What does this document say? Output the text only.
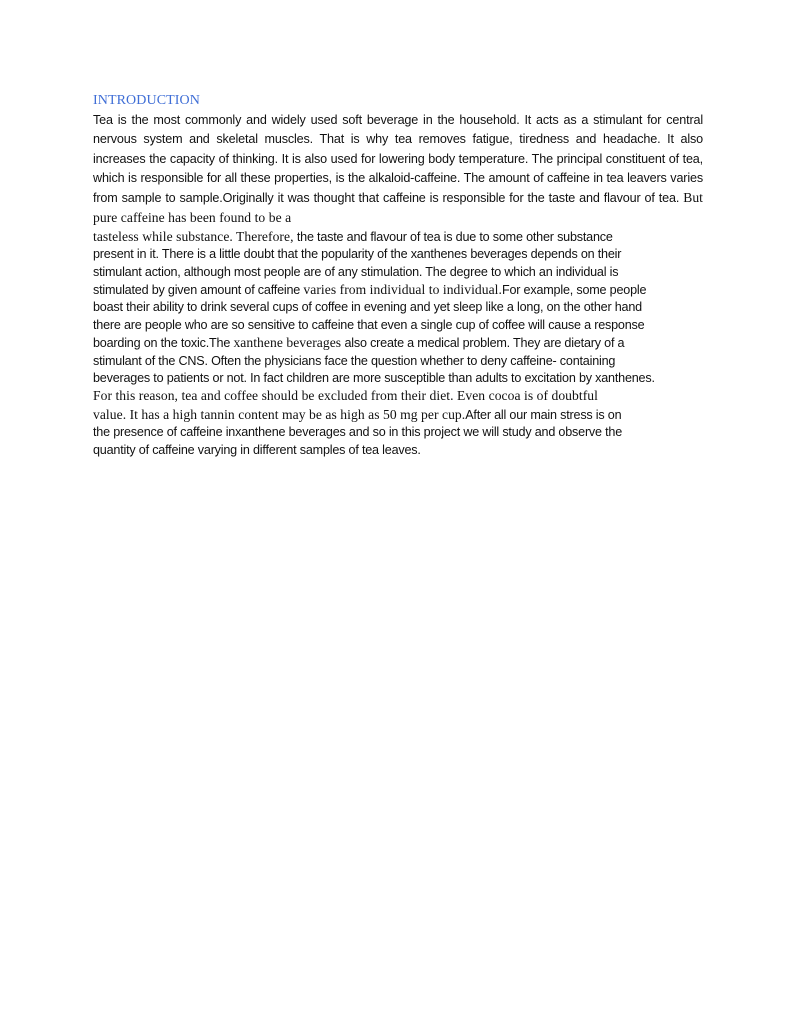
INTRODUCTION

Tea is the most commonly and widely used soft beverage in the household. It acts as a stimulant for central nervous system and skeletal muscles. That is why tea removes fatigue, tiredness and headache. It also increases the capacity of thinking. It is also used for lowering body temperature. The principal constituent of tea, which is responsible for all these properties, is the alkaloid-caffeine. The amount of caffeine in tea leavers varies from sample to sample.Originally it was thought that caffeine is responsible for the taste and flavour of tea. But pure caffeine has been found to be a

tasteless while substance. Therefore, the taste and flavour of tea is due to some other substance
present in it. There is a little doubt that the popularity of the xanthenes beverages depends on their
stimulant action, although most people are of any stimulation. The degree to which an individual is
stimulated by given amount of caffeine varies from individual to individual.For example, some people
boast their ability to drink several cups of coffee in evening and yet sleep like a long, on the other hand
there are people who are so sensitive to caffeine that even a single cup of coffee will cause a response
boarding on the toxic.The xanthene beverages also create a medical problem. They are dietary of a
stimulant of the CNS. Often the physicians face the question whether to deny caffeine- containing
beverages to patients or not. In fact children are more susceptible than adults to excitation by xanthenes.
For this reason, tea and coffee should be excluded from their diet. Even cocoa is of doubtful
value. It has a high tannin content may be as high as 50 mg per cup.After all our main stress is on
the presence of caffeine inxanthene beverages and so in this project we will study and observe the
quantity of caffeine varying in different samples of tea leaves.
